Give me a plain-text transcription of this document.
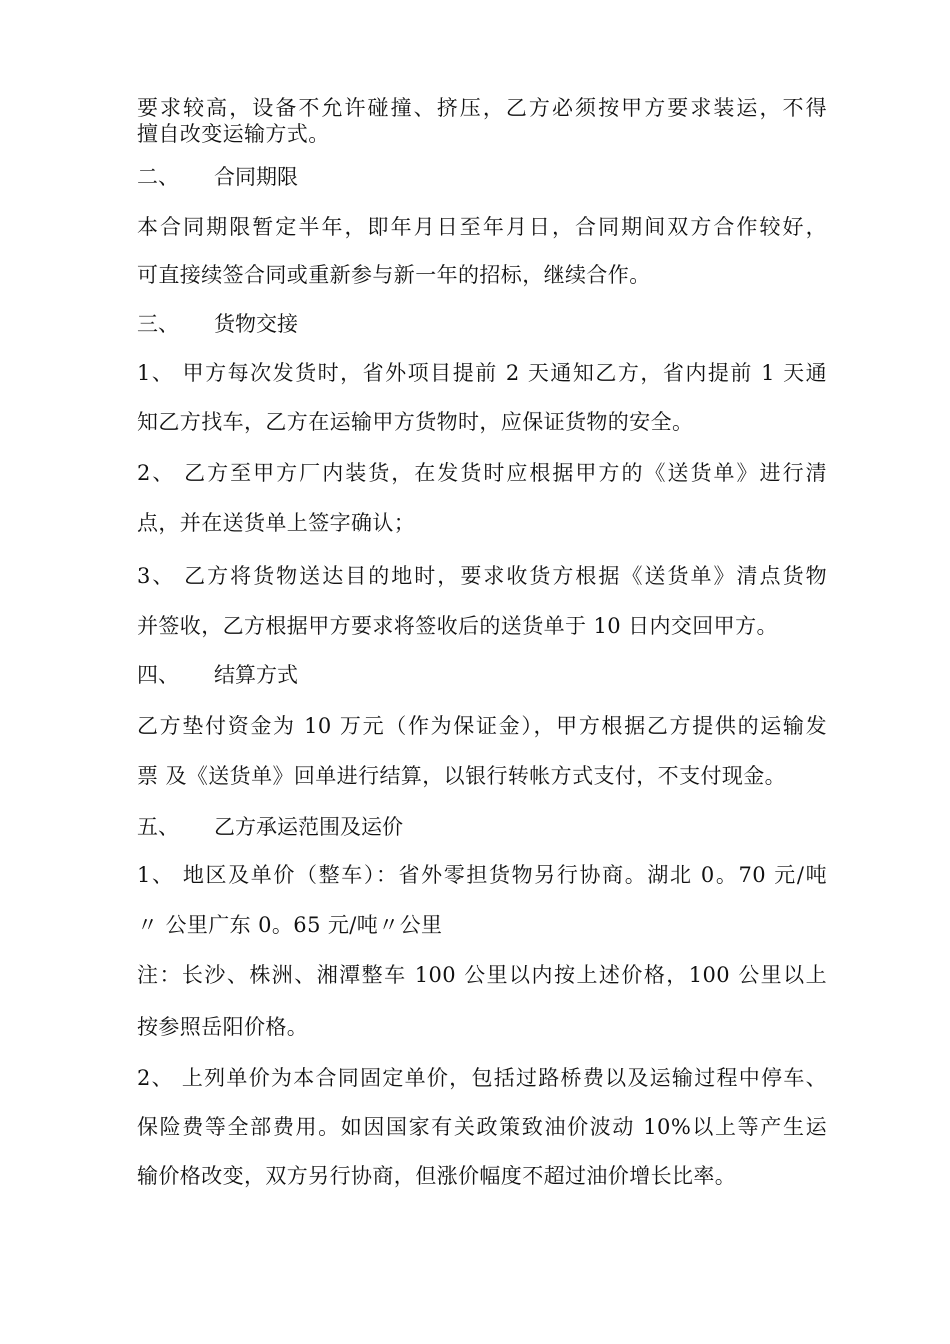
要求较高，设备不允许碰撞、挤压，乙方必须按甲方要求装运，不得
擅自改变运输方式。
二、 合同期限
本合同期限暂定半年，即年月日至年月日，合同期间双方合作较好，
可直接续签合同或重新参与新一年的招标，继续合作。
三、 货物交接
1、 甲方每次发货时，省外项目提前 2 天通知乙方，省内提前 1 天通
知乙方找车，乙方在运输甲方货物时，应保证货物的安全。
2、 乙方至甲方厂内装货，在发货时应根据甲方的《送货单》进行清
点，并在送货单上签字确认；
3、 乙方将货物送达目的地时，要求收货方根据《送货单》清点货物
并签收，乙方根据甲方要求将签收后的送货单于 10 日内交回甲方。
四、 结算方式
乙方垫付资金为 10 万元（作为保证金），甲方根据乙方提供的运输发
票 及《送货单》回单进行结算，以银行转帐方式支付，不支付现金。
五、 乙方承运范围及运价
1、 地区及单价（整车）：省外零担货物另行协商。湖北 0。70 元/吨
〃 公里广东 0。65 元/吨〃公里
注：长沙、株洲、湘潭整车 100 公里以内按上述价格，100 公里以上
按参照岳阳价格。
2、 上列单价为本合同固定单价，包括过路桥费以及运输过程中停车、
保险费等全部费用。如因国家有关政策致油价波动 10%以上等产生运
输价格改变，双方另行协商，但涨价幅度不超过油价增长比率。
